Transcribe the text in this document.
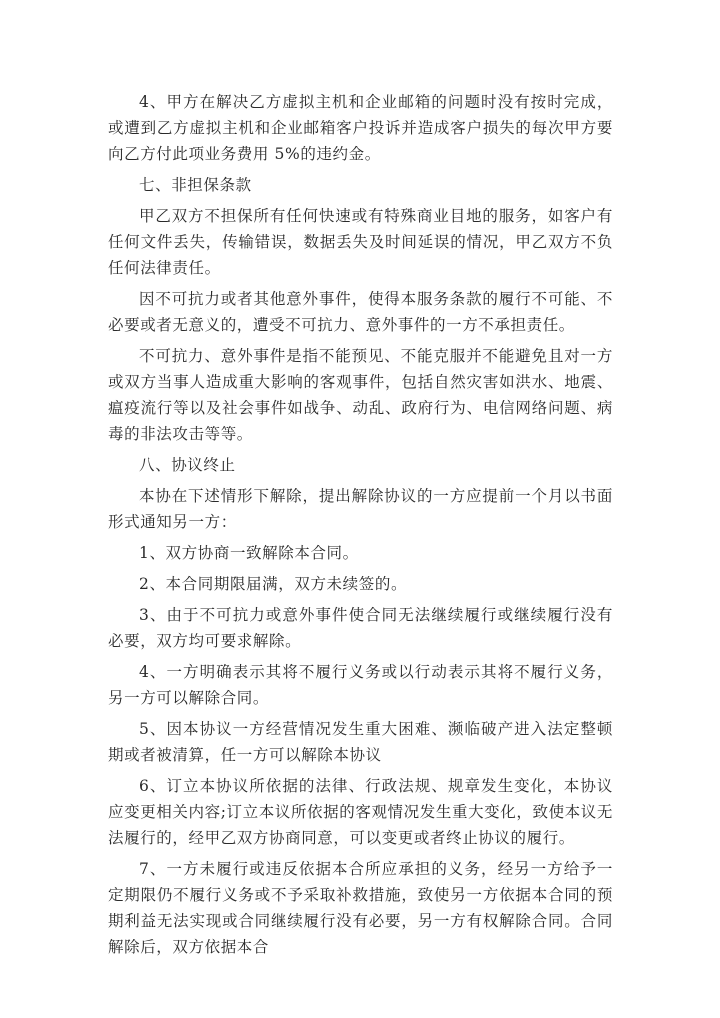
4、甲方在解决乙方虚拟主机和企业邮箱的问题时没有按时完成，或遭到乙方虚拟主机和企业邮箱客户投诉并造成客户损失的每次甲方要向乙方付此项业务费用 5%的违约金。

七、非担保条款

甲乙双方不担保所有任何快速或有特殊商业目地的服务，如客户有任何文件丢失，传输错误，数据丢失及时间延误的情况，甲乙双方不负任何法律责任。

因不可抗力或者其他意外事件，使得本服务条款的履行不可能、不必要或者无意义的，遭受不可抗力、意外事件的一方不承担责任。

不可抗力、意外事件是指不能预见、不能克服并不能避免且对一方或双方当事人造成重大影响的客观事件，包括自然灾害如洪水、地震、瘟疫流行等以及社会事件如战争、动乱、政府行为、电信网络问题、病毒的非法攻击等等。

八、协议终止

本协在下述情形下解除，提出解除协议的一方应提前一个月以书面形式通知另一方：

1、双方协商一致解除本合同。

2、本合同期限届满，双方未续签的。

3、由于不可抗力或意外事件使合同无法继续履行或继续履行没有必要，双方均可要求解除。

4、一方明确表示其将不履行义务或以行动表示其将不履行义务，另一方可以解除合同。

5、因本协议一方经营情况发生重大困难、濒临破产进入法定整顿期或者被清算，任一方可以解除本协议

6、订立本协议所依据的法律、行政法规、规章发生变化，本协议应变更相关内容;订立本议所依据的客观情况发生重大变化，致使本议无法履行的，经甲乙双方协商同意，可以变更或者终止协议的履行。

7、一方未履行或违反依据本合所应承担的义务，经另一方给予一定期限仍不履行义务或不予采取补救措施，致使另一方依据本合同的预期利益无法实现或合同继续履行没有必要，另一方有权解除合同。合同解除后，双方依据本合
